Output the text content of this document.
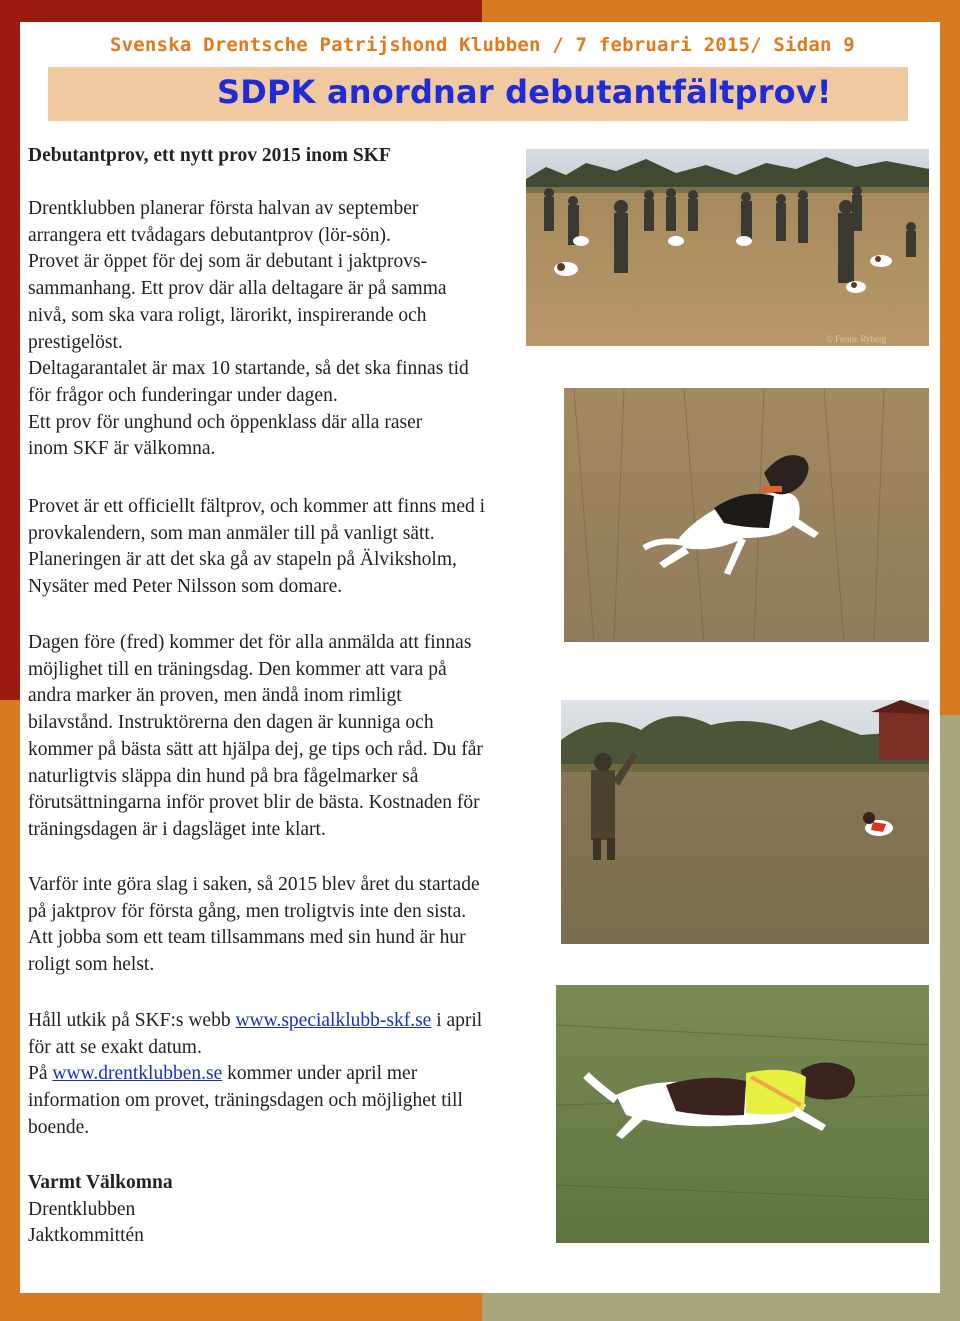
Svenska Drentsche Patrijshond Klubben / 7 februari 2015/ Sidan 9
SDPK anordnar debutantfältprov!

Debutantprov, ett nytt prov 2015 inom SKF

Drentklubben planerar första halvan av september

arrangera ett tvådagars debutantprov (lör-sön).

Provet är öppet för dej som är debutant i jaktprovs-

sammanhang. Ett prov där alla deltagare är på samma

nivå, som ska vara roligt, lärorikt, inspirerande och

prestigelöst.

Deltagarantalet är max 10 startande, så det ska finnas tid

för frågor och funderingar under dagen.

Ett prov för unghund och öppenklass där alla raser

inom SKF är välkomna.

Provet är ett officiellt fältprov, och kommer att finns med i

provkalendern, som man anmäler till på vanligt sätt.

Planeringen är att det ska gå av stapeln på Älviksholm,

Nysäter med Peter Nilsson som domare.

Dagen före (fred) kommer det för alla anmälda att finnas

möjlighet till en träningsdag. Den kommer att vara på

andra marker än proven, men ändå inom rimligt

bilavstånd. Instruktörerna den dagen är kunniga och

kommer på bästa sätt att hjälpa dej, ge tips och råd. Du får

naturligtvis släppa din hund på bra fågelmarker så

förutsättningarna inför provet blir de bästa. Kostnaden för

träningsdagen är i dagsläget inte klart.

Varför inte göra slag i saken, så 2015 blev året du startade

på jaktprov för första gång, men troligtvis inte den sista.

Att jobba som ett team tillsammans med sin hund är hur

roligt som helst.

Håll utkik på SKF:s webb www.specialklubb-skf.se i april

för att se exakt datum.

På www.drentklubben.se kommer under april mer

information om provet, träningsdagen och möjlighet till

boende.

Varmt Välkomna

Drentklubben

Jaktkommittén

© Fernie Ryberg
